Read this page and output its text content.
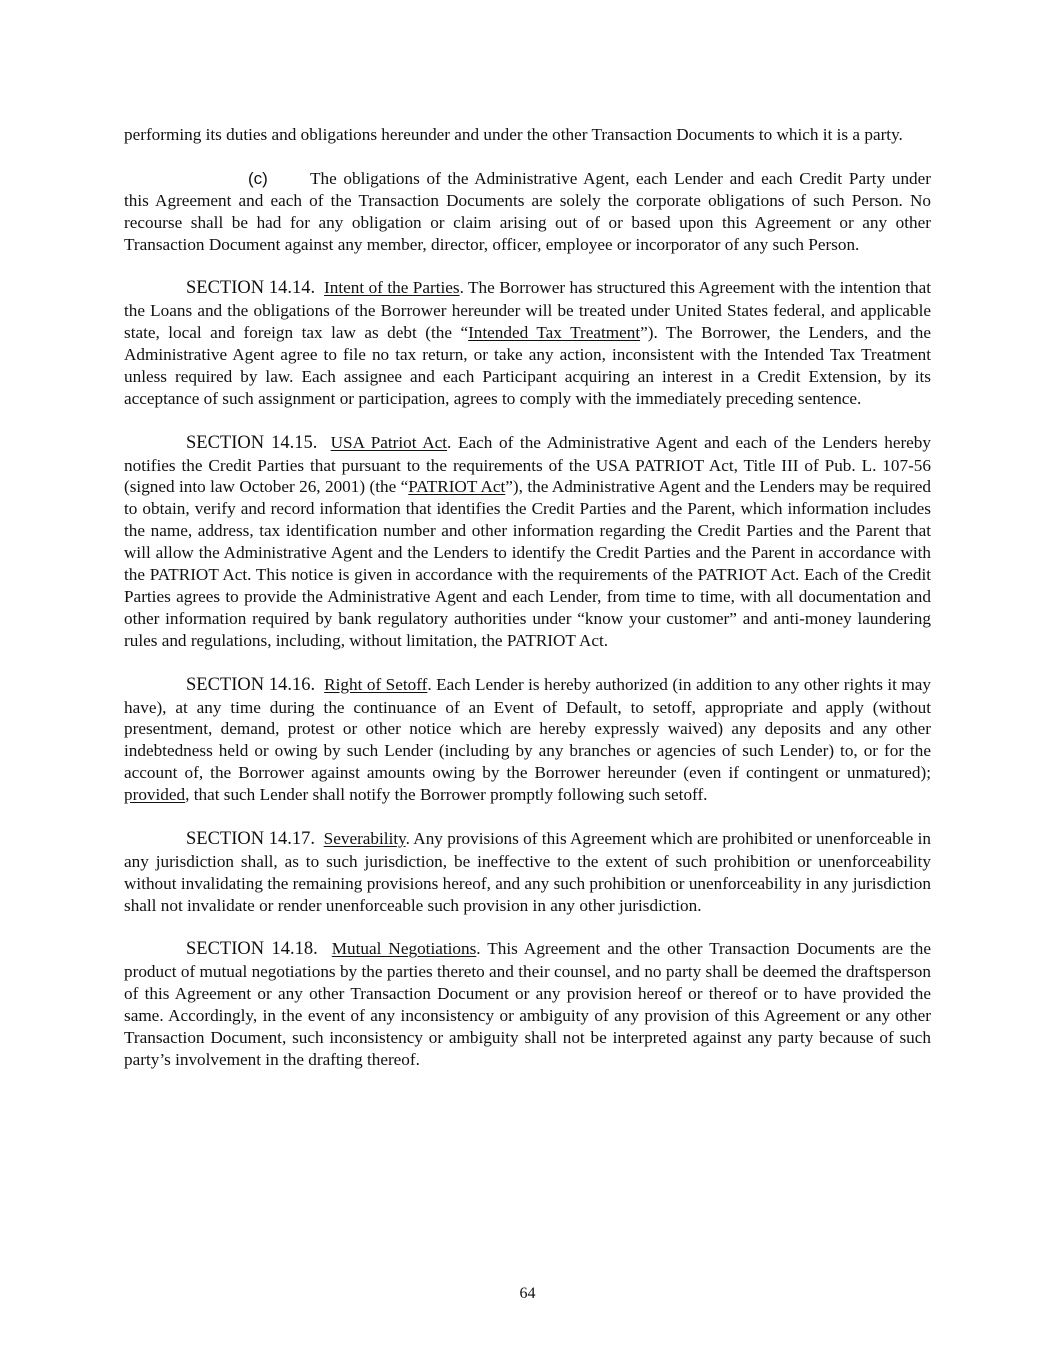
performing its duties and obligations hereunder and under the other Transaction Documents to which it is a party.

(c) The obligations of the Administrative Agent, each Lender and each Credit Party under this Agreement and each of the Transaction Documents are solely the corporate obligations of such Person. No recourse shall be had for any obligation or claim arising out of or based upon this Agreement or any other Transaction Document against any member, director, officer, employee or incorporator of any such Person.

SECTION 14.14. Intent of the Parties. The Borrower has structured this Agreement with the intention that the Loans and the obligations of the Borrower hereunder will be treated under United States federal, and applicable state, local and foreign tax law as debt (the “Intended Tax Treatment”). The Borrower, the Lenders, and the Administrative Agent agree to file no tax return, or take any action, inconsistent with the Intended Tax Treatment unless required by law. Each assignee and each Participant acquiring an interest in a Credit Extension, by its acceptance of such assignment or participation, agrees to comply with the immediately preceding sentence.

SECTION 14.15. USA Patriot Act. Each of the Administrative Agent and each of the Lenders hereby notifies the Credit Parties that pursuant to the requirements of the USA PATRIOT Act, Title III of Pub. L. 107-56 (signed into law October 26, 2001) (the “PATRIOT Act”), the Administrative Agent and the Lenders may be required to obtain, verify and record information that identifies the Credit Parties and the Parent, which information includes the name, address, tax identification number and other information regarding the Credit Parties and the Parent that will allow the Administrative Agent and the Lenders to identify the Credit Parties and the Parent in accordance with the PATRIOT Act. This notice is given in accordance with the requirements of the PATRIOT Act. Each of the Credit Parties agrees to provide the Administrative Agent and each Lender, from time to time, with all documentation and other information required by bank regulatory authorities under “know your customer” and anti-money laundering rules and regulations, including, without limitation, the PATRIOT Act.

SECTION 14.16. Right of Setoff. Each Lender is hereby authorized (in addition to any other rights it may have), at any time during the continuance of an Event of Default, to setoff, appropriate and apply (without presentment, demand, protest or other notice which are hereby expressly waived) any deposits and any other indebtedness held or owing by such Lender (including by any branches or agencies of such Lender) to, or for the account of, the Borrower against amounts owing by the Borrower hereunder (even if contingent or unmatured); provided, that such Lender shall notify the Borrower promptly following such setoff.

SECTION 14.17. Severability. Any provisions of this Agreement which are prohibited or unenforceable in any jurisdiction shall, as to such jurisdiction, be ineffective to the extent of such prohibition or unenforceability without invalidating the remaining provisions hereof, and any such prohibition or unenforceability in any jurisdiction shall not invalidate or render unenforceable such provision in any other jurisdiction.

SECTION 14.18. Mutual Negotiations. This Agreement and the other Transaction Documents are the product of mutual negotiations by the parties thereto and their counsel, and no party shall be deemed the draftsperson of this Agreement or any other Transaction Document or any provision hereof or thereof or to have provided the same. Accordingly, in the event of any inconsistency or ambiguity of any provision of this Agreement or any other Transaction Document, such inconsistency or ambiguity shall not be interpreted against any party because of such party’s involvement in the drafting thereof.

64
